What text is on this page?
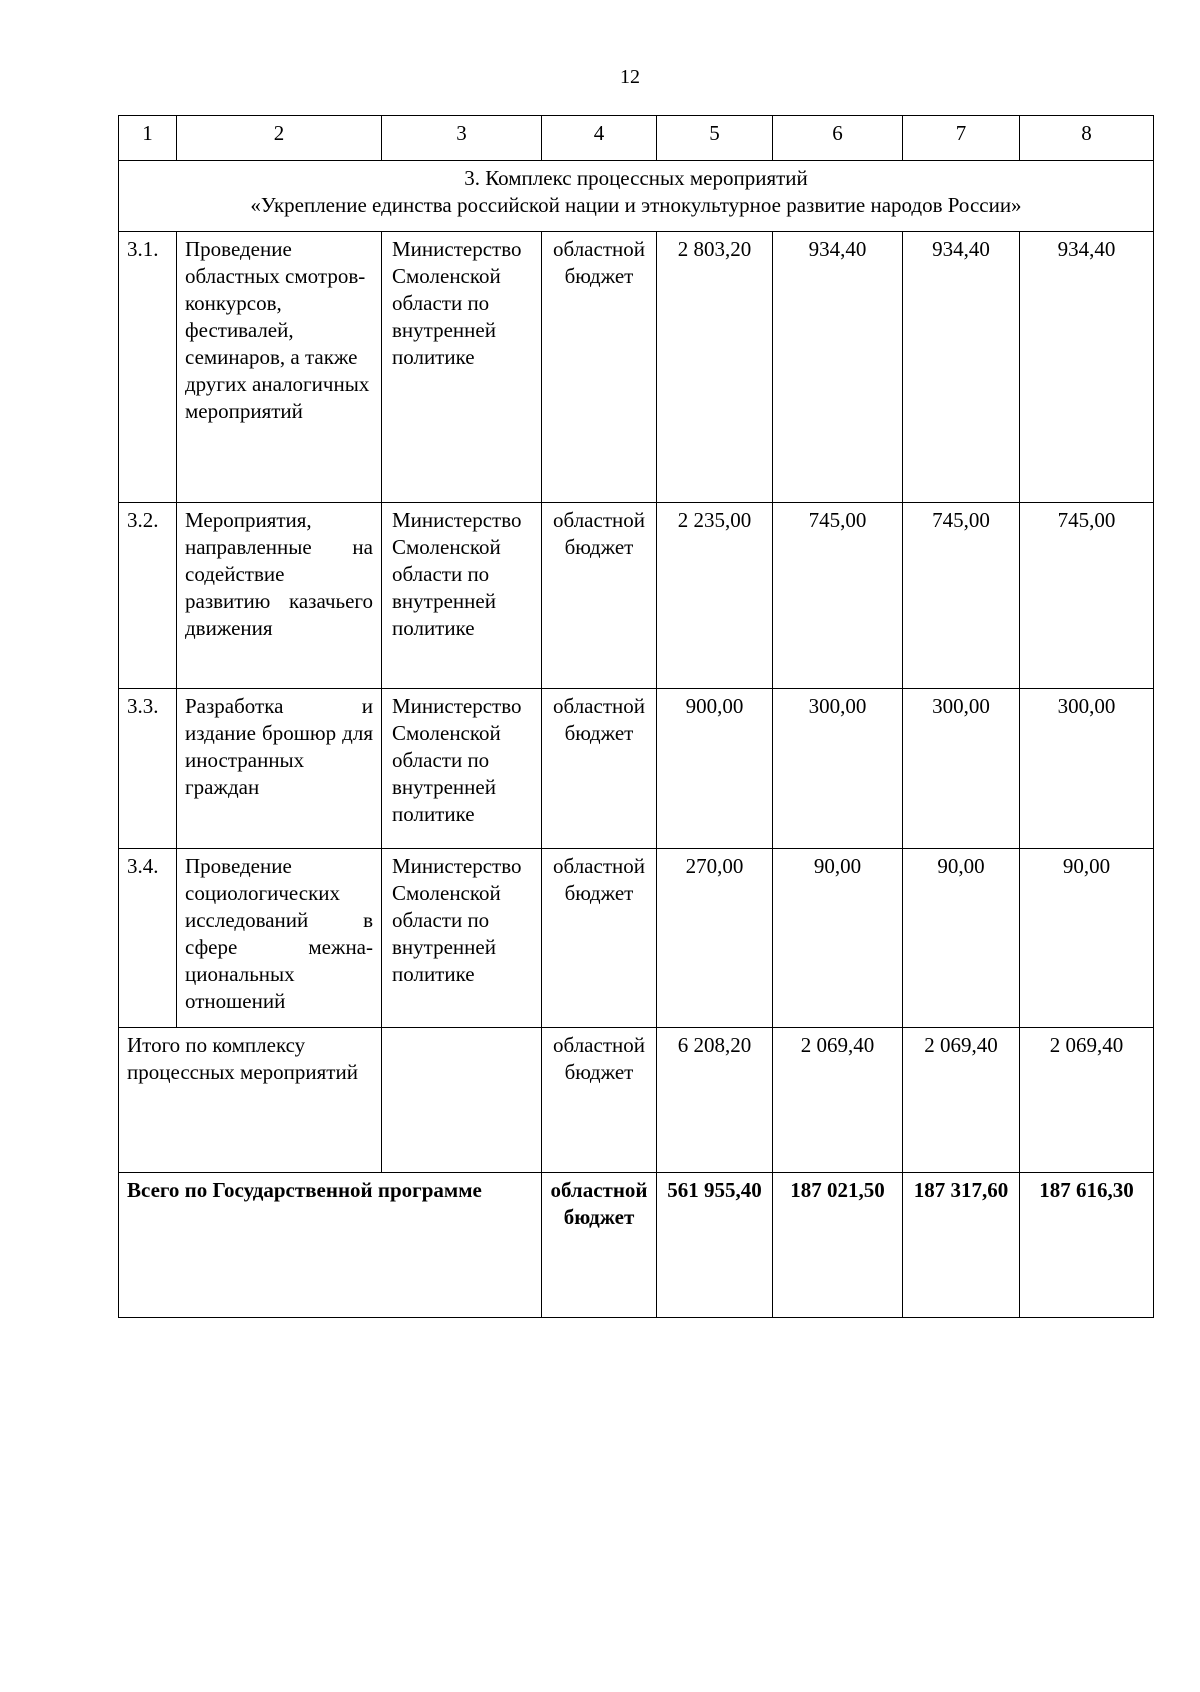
12
1	2	3	4	5	6	7	8

3. Комплекс процессных мероприятий
«Укрепление единства российской нации и этнокультурное развитие народов России»							

3.1.	Проведение областных смотров-конкурсов, фестивалей, семинаров, а также других аналогичных мероприятий	Министерство
Смоленской
области по
внутренней
политике	областной бюджет	2 803,20	934,40	934,40	934,40
3.2.	Мероприятия, направленные на содействие развитию казачьего движения	Министерство
Смоленской
области по
внутренней
политике	областной бюджет	2 235,00	745,00	745,00	745,00
3.3.	Разработка и издание брошюр для иностранных граждан	Министерство
Смоленской
области по
внутренней
политике	областной бюджет	900,00	300,00	300,00	300,00
3.4.	Проведение социологических исследований в сфере межна-циональных отношений	Министерство
Смоленской
области по
внутренней
политике	областной бюджет	270,00	90,00	90,00	90,00
Итого по комплексу процессных мероприятий			областной бюджет	6 208,20	2 069,40	2 069,40	2 069,40
Всего по Государственной программе			областной бюджет	561 955,40	187 021,50	187 317,60	187 616,30
